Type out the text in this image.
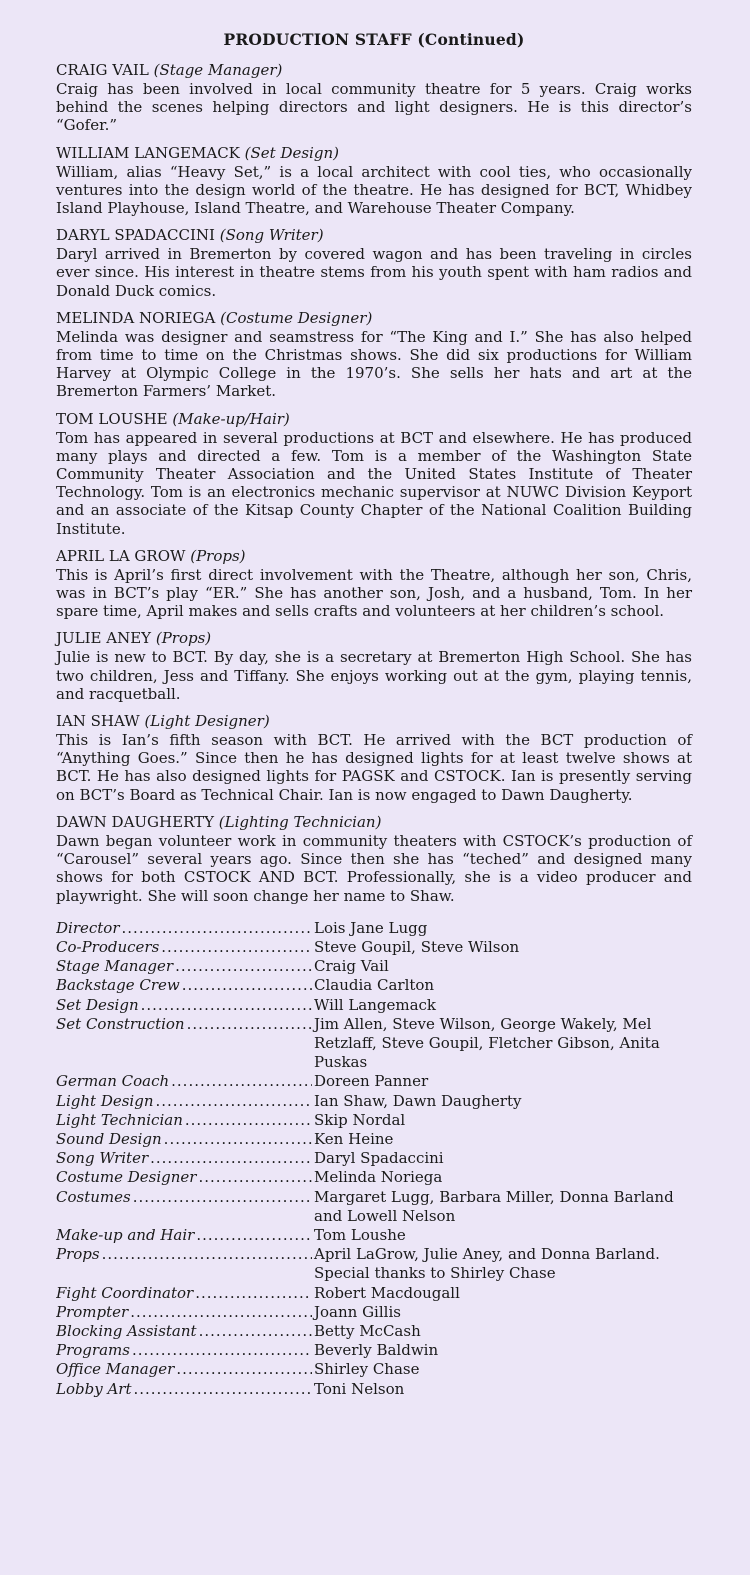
PRODUCTION STAFF (Continued)
CRAIG VAIL (Stage Manager)

Craig has been involved in local community theatre for 5 years. Craig works behind the scenes helping directors and light designers. He is this director’s “Gofer.”

WILLIAM LANGEMACK (Set Design)

William, alias “Heavy Set,” is a local architect with cool ties, who occasionally ventures into the design world of the theatre. He has designed for BCT, Whidbey Island Playhouse, Island Theatre, and Warehouse Theater Company.

DARYL SPADACCINI (Song Writer)

Daryl arrived in Bremerton by covered wagon and has been traveling in circles ever since. His interest in theatre stems from his youth spent with ham radios and Donald Duck comics.

MELINDA NORIEGA (Costume Designer)

Melinda was designer and seamstress for “The King and I.” She has also helped from time to time on the Christmas shows. She did six productions for William Harvey at Olympic College in the 1970’s. She sells her hats and art at the Bremerton Farmers’ Market.

TOM LOUSHE (Make-up/Hair)

Tom has appeared in several productions at BCT and elsewhere. He has produced many plays and directed a few. Tom is a member of the Washington State Community Theater Association and the United States Institute of Theater Technology. Tom is an electronics mechanic supervisor at NUWC Division Keyport and an associate of the Kitsap County Chapter of the National Coalition Building Institute.

APRIL LA GROW (Props)

This is April’s first direct involvement with the Theatre, although her son, Chris, was in BCT’s play “ER.” She has another son, Josh, and a husband, Tom. In her spare time, April makes and sells crafts and volunteers at her children’s school.

JULIE ANEY (Props)

Julie is new to BCT. By day, she is a secretary at Bremerton High School. She has two children, Jess and Tiffany. She enjoys working out at the gym, playing tennis, and racquetball.

IAN SHAW (Light Designer)

This is Ian’s fifth season with BCT. He arrived with the BCT production of “Anything Goes.” Since then he has designed lights for at least twelve shows at BCT. He has also designed lights for PAGSK and CSTOCK. Ian is presently serving on BCT’s Board as Technical Chair. Ian is now engaged to Dawn Daugherty.

DAWN DAUGHERTY (Lighting Technician)

Dawn began volunteer work in community theaters with CSTOCK’s production of “Carousel” several years ago. Since then she has “teched” and designed many shows for both CSTOCK AND BCT. Professionally, she is a video producer and playwright. She will soon change her name to Shaw.

Director .....	Lois Jane Lugg
Co-Producers .....	Steve Goupil, Steve Wilson
Stage Manager .....	Craig Vail
Backstage Crew .....	Claudia Carlton
Set Design .....	Will Langemack
Set Construction .....	Jim Allen, Steve Wilson, George Wakely, Mel Retzlaff, Steve Goupil, Fletcher Gibson, Anita Puskas
German Coach .....	Doreen Panner
Light Design .....	Ian Shaw, Dawn Daugherty
Light Technician .....	Skip Nordal
Sound Design .....	Ken Heine
Song Writer .....	Daryl Spadaccini
Costume Designer .....	Melinda Noriega
Costumes .....	Margaret Lugg, Barbara Miller, Donna Barland and Lowell Nelson
Make-up and Hair .....	Tom Loushe
Props .....	April LaGrow, Julie Aney, and Donna Barland. Special thanks to Shirley Chase
Fight Coordinator .....	Robert Macdougall
Prompter .....	Joann Gillis
Blocking Assistant .....	Betty McCash
Programs .....	Beverly Baldwin
Office Manager .....	Shirley Chase
Lobby Art .....	Toni Nelson
